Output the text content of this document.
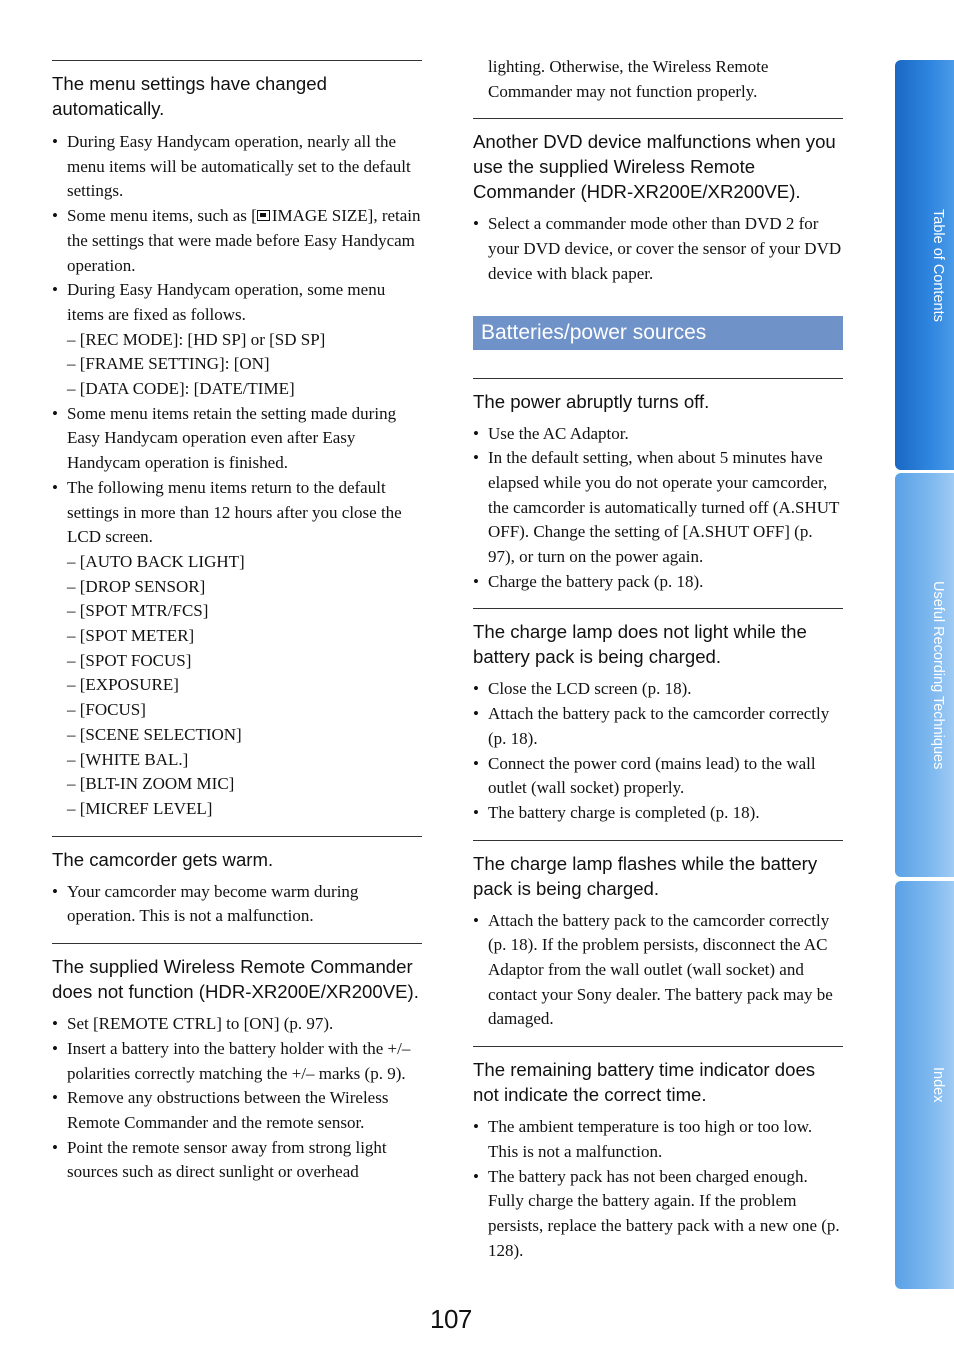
The menu settings have changed automatically.
• During Easy Handycam operation, nearly all the menu items will be automatically set to the default settings.
• Some menu items, such as [ IMAGE SIZE], retain the settings that were made before Easy Handycam operation.
• During Easy Handycam operation, some menu items are fixed as follows.
– [REC MODE]: [HD SP] or [SD SP]
– [FRAME SETTING]: [ON]
– [DATA CODE]: [DATE/TIME]
• Some menu items retain the setting made during Easy Handycam operation even after Easy Handycam operation is finished.
• The following menu items return to the default settings in more than 12 hours after you close the LCD screen.
– [AUTO BACK LIGHT]
– [DROP SENSOR]
– [SPOT MTR/FCS]
– [SPOT METER]
– [SPOT FOCUS]
– [EXPOSURE]
– [FOCUS]
– [SCENE SELECTION]
– [WHITE BAL.]
– [BLT-IN ZOOM MIC]
– [MICREF LEVEL]
The camcorder gets warm.
• Your camcorder may become warm during operation. This is not a malfunction.
The supplied Wireless Remote Commander does not function (HDR-XR200E/XR200VE).
• Set [REMOTE CTRL] to [ON] (p. 97).
• Insert a battery into the battery holder with the +/– polarities correctly matching the +/– marks (p. 9).
• Remove any obstructions between the Wireless Remote Commander and the remote sensor.
• Point the remote sensor away from strong light sources such as direct sunlight or overhead
lighting. Otherwise, the Wireless Remote Commander may not function properly.
Another DVD device malfunctions when you use the supplied Wireless Remote Commander (HDR-XR200E/XR200VE).
• Select a commander mode other than DVD 2 for your DVD device, or cover the sensor of your DVD device with black paper.
Batteries/power sources
The power abruptly turns off.
• Use the AC Adaptor.
• In the default setting, when about 5 minutes have elapsed while you do not operate your camcorder, the camcorder is automatically turned off (A.SHUT OFF). Change the setting of [A.SHUT OFF] (p. 97), or turn on the power again.
• Charge the battery pack (p. 18).
The charge lamp does not light while the battery pack is being charged.
• Close the LCD screen (p. 18).
• Attach the battery pack to the camcorder correctly (p. 18).
• Connect the power cord (mains lead) to the wall outlet (wall socket) properly.
• The battery charge is completed (p. 18).
The charge lamp flashes while the battery pack is being charged.
• Attach the battery pack to the camcorder correctly (p. 18). If the problem persists, disconnect the AC Adaptor from the wall outlet (wall socket) and contact your Sony dealer. The battery pack may be damaged.
The remaining battery time indicator does not indicate the correct time.
• The ambient temperature is too high or too low. This is not a malfunction.
• The battery pack has not been charged enough. Fully charge the battery again. If the problem persists, replace the battery pack with a new one (p. 128).
Table of Contents
Useful Recording Techniques
Index
107
